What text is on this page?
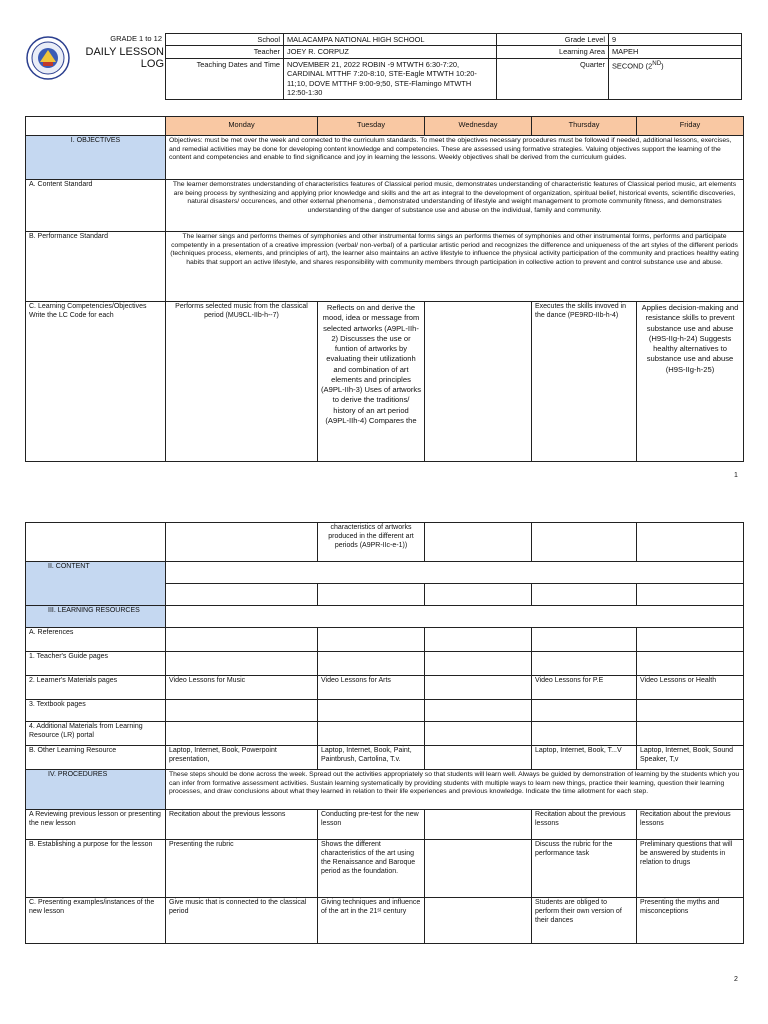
GRADE 1 to 12
DAILY LESSON LOG
School	MALACAMPA NATIONAL HIGH SCHOOL	Grade Level	9
Teacher	JOEY R. CORPUZ	Learning Area	MAPEH
Teaching Dates and Time	NOVEMBER 21, 2022 ROBIN -9 MTWTH 6:30-7:20, CARDINAL MTTHF 7:20-8:10, STE-Eagle MTWTH 10:20-11;10, DOVE MTTHF 9:00-9;50, STE-Flamingo MTWTH 12:50-1:30	Quarter	SECOND (2ND)
	Monday	Tuesday	Wednesday	Thursday	Friday
I. OBJECTIVES	Objectives: must be met over the week and connected to the curriculum standards. To meet the objectives necessary procedures must be followed if needed, additional lessons, exercises, and remedial activities may be done for developing content knowledge and competencies. These are assessed using formative strategies. Valuing objectives support the learning of the content and competencies and enable to find significance and joy in learning the lessons. Weekly objectives shall be derived from the curriculum guides.				
A. Content Standard	The learner demonstrates understanding of characteristics features of Classical period music, demonstrates understanding of characteristic features of Classical period music, art elements are being process by synthesizing and applying prior knowledge and skills and the art as integral to the development of organization, spiritual belief, historical events, scientific discoveries, natural disasters/ occurences, and other external phenomena , demonstrated understanding of lifestyle and weight management to promote community fitness, and demonstrates understanding of the danger of substance use and abuse on the individual, family and community.				
B. Performance Standard	The learner sings and performs themes of symphonies and other instrumental forms sings an performs themes of symphonies and other instrumental forms, performs and participate competently in a presentation of a creative impression (verbal/ non-verbal) of a particular artistic period and recognizes the difference and uniqueness of the art styles of the different periods (techniques process, elements, and principles of art), the learner also maintains an active lifestyle to influence the physical activity participation of the community and practices healthy eating habits that support an active lifestyle, and shares responsibility with community members through participation in collective action to prevent and control substance use and abuse.				

C. Learning Competencies/Objectives
Write the LC Code for each	Performs selected music from the classical period (MU9CL-IIb-h--7)	Reflects on and derive the mood, idea or message from selected artworks (A9PL-IIh-2) Discusses the use or funtion of artworks by evaluating their utilizationh and combination of art elements and principles (A9PL-IIh-3) Uses of artworks to derive the traditions/ history of an art period (A9PL-IIh-4) Compares the		Executes the skills invoved in the dance (PE9RD-IIb-h-4)	Applies decision-making and resistance skills to prevent substance use and abuse (H9S-IIg-h-24) Suggests healthy alternatives to substance use and abuse (H9S-IIg-h-25)
1
		characteristics of artworks produced in the different art periods (A9PR-IIc-e-1))			
II. CONTENT					

III. LEARNING RESOURCES					
A. References					
1. Teacher's Guide pages					
2. Learner's Materials pages	Video Lessons for Music	Video Lessons for Arts		Video Lessons for P.E	Video Lessons or Health
3. Textbook pages					
4. Additional Materials from Learning Resource (LR) portal					
B. Other Learning Resource	Laptop, Internet, Book, Powerpoint presentation,	Laptop, Internet, Book, Paint, Paintbrush, Cartolina, T.v.		Laptop, Internet, Book, T...V	Laptop, Internet, Book, Sound Speaker, T,v
IV. PROCEDURES	These steps should be done across the week. Spread out the activities appropriately so that students will learn well. Always be guided by demonstration of learning by the students which you can infer from formative assessment activities. Sustain learning systematically by providing students with multiple ways to learn new things, practice their learning, question their learning processes, and draw conclusions about what they learned in relation to their life experiences and previous knowledge. Indicate the time allotment for each step.				
A Reviewing previous lesson or presenting the new lesson	Recitation about the previous lessons	Conducting pre-test for the new lesson		Recitation about the previous lessons	Recitation about the previous lessons
B. Establishing a purpose for the lesson	Presenting the rubric	Shows the different characteristics of the art using the Renaissance and Baroque period as the foundation.		Discuss the rubric for the performance task	Preliminary questions that will be answered by students in relation to drugs
C. Presenting examples/instances of the new lesson	Give music that is connected to the classical period	Giving techniques and influence of the art in the 21ˢᵗ century		Students are obliged to perform their own version of their dances	Presenting the myths and misconceptions
2
